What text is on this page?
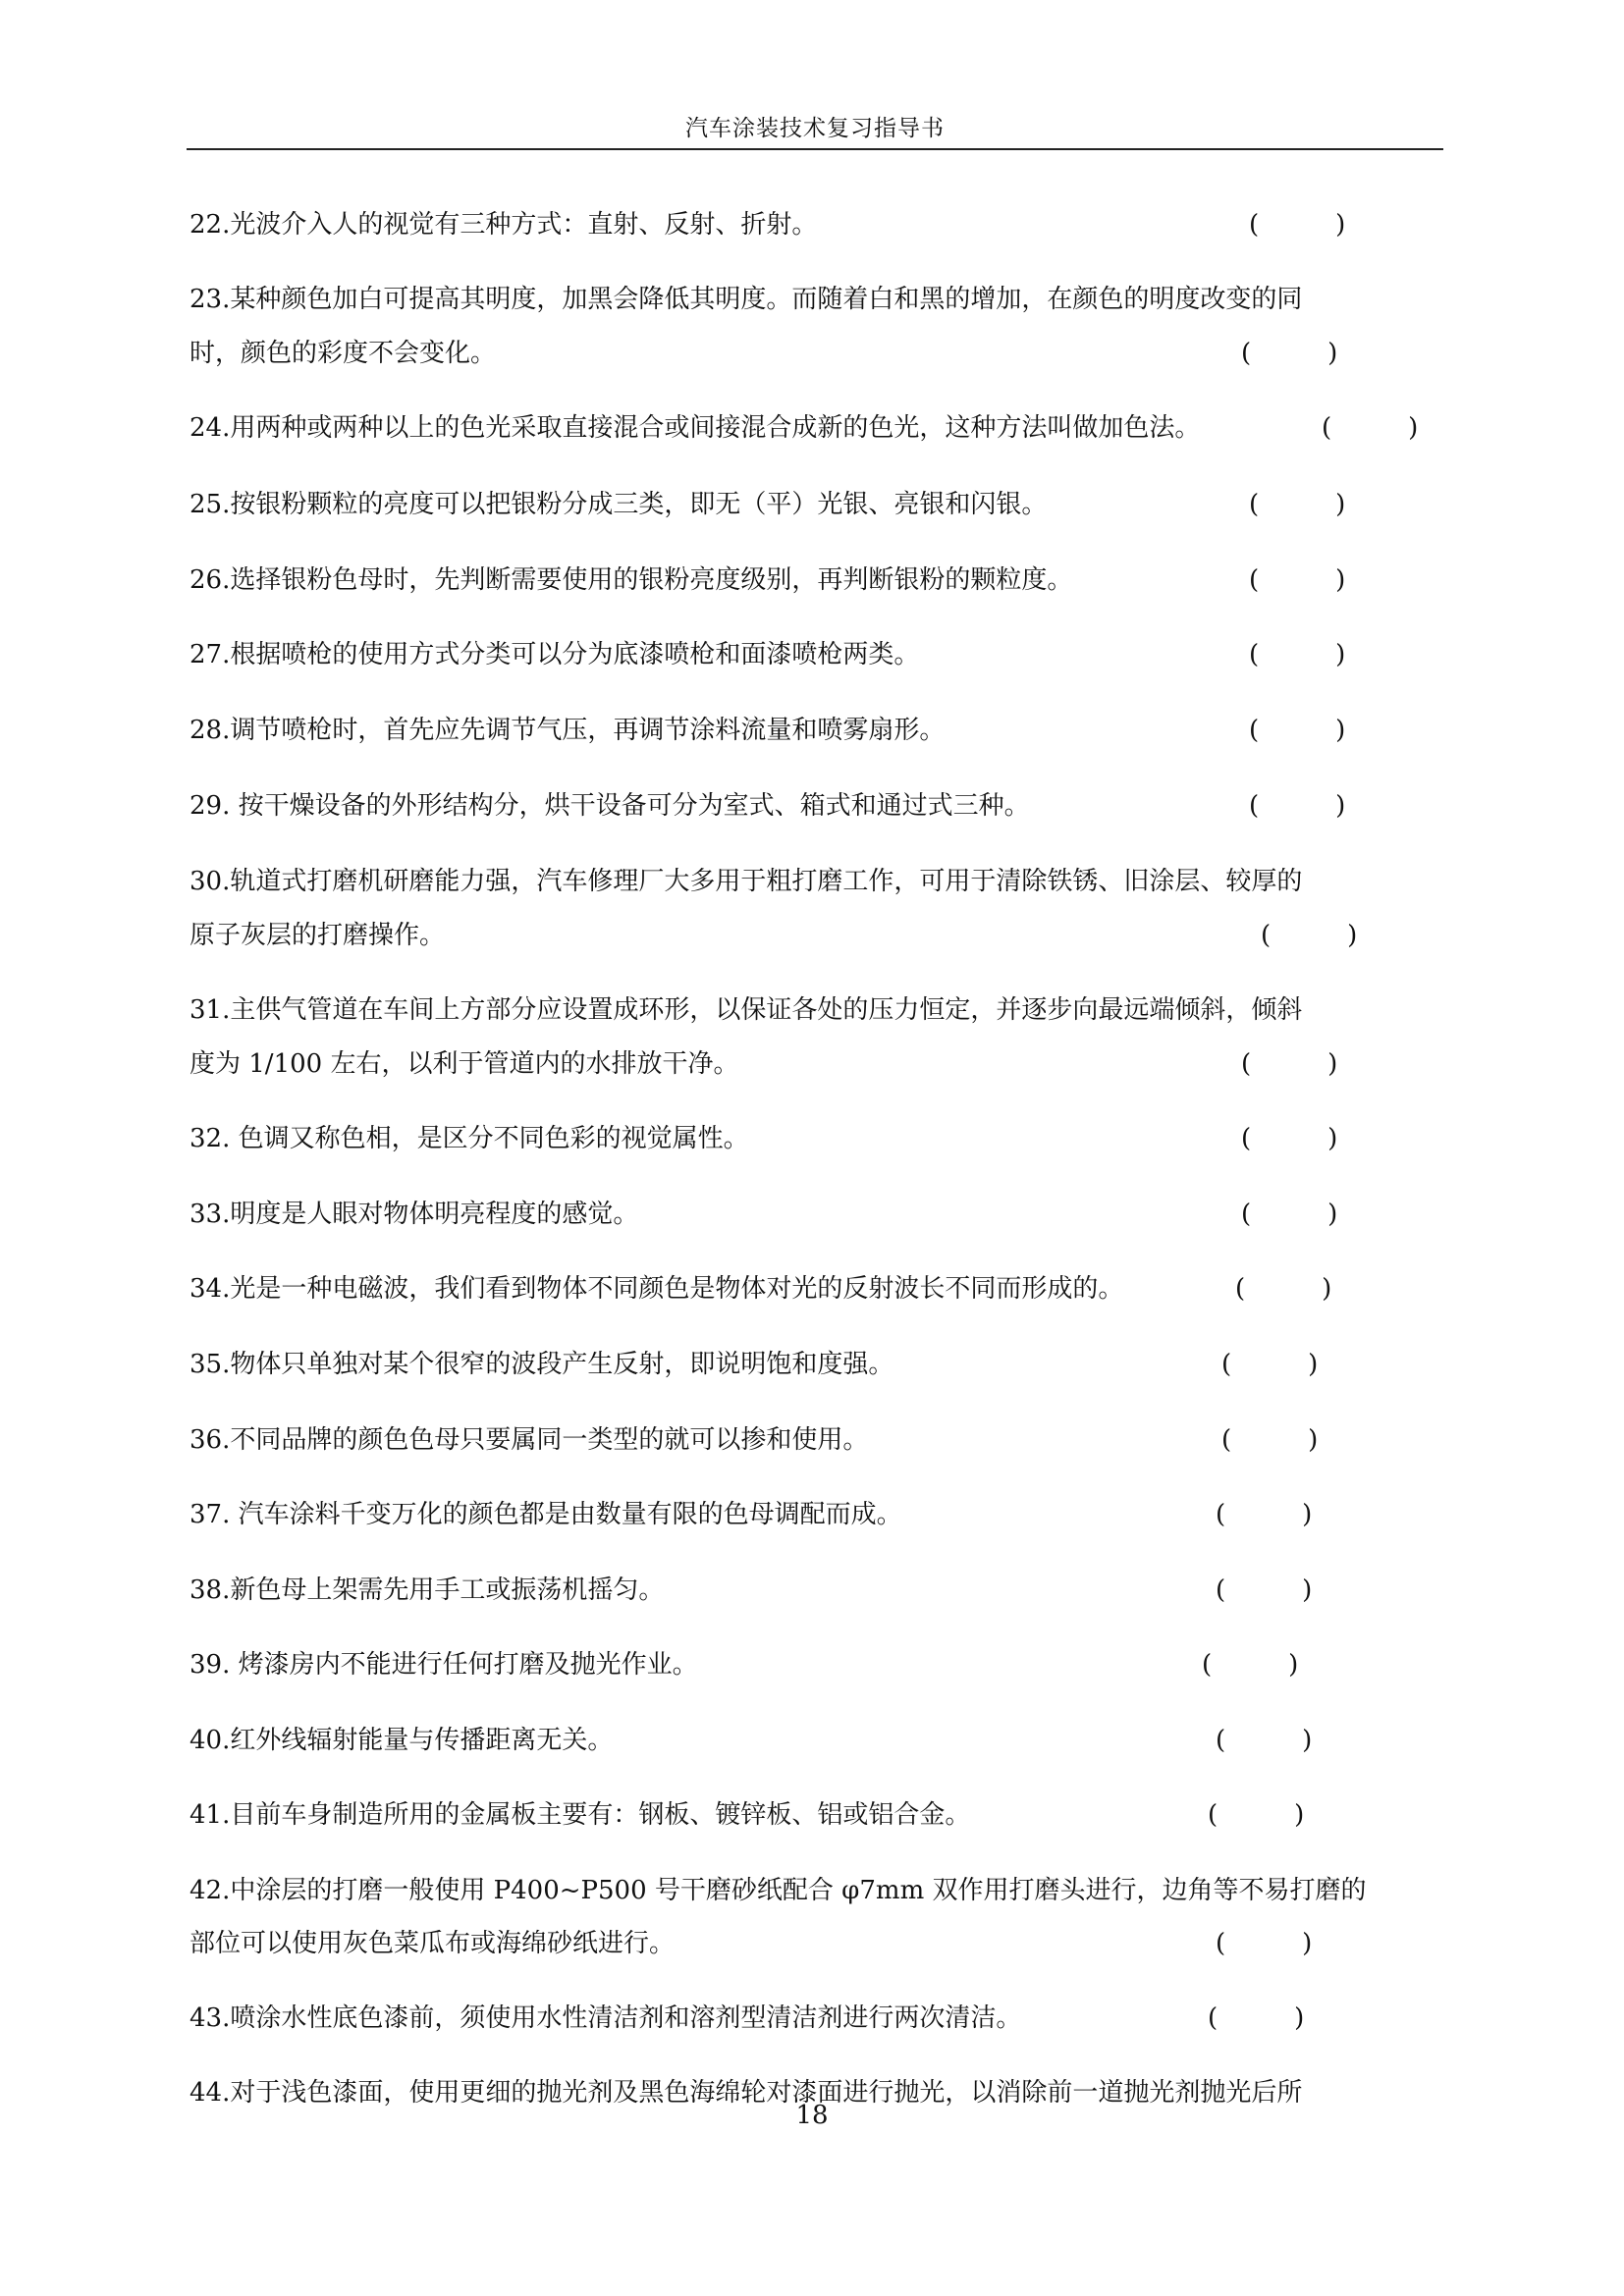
汽车涂装技术复习指导书
22.光波介入人的视觉有三种方式：直射、反射、折射。	(　　　)
23.某种颜色加白可提高其明度，加黑会降低其明度。而随着白和黑的增加，在颜色的明度改变的同
时，颜色的彩度不会变化。	(　　　)
24.用两种或两种以上的色光采取直接混合或间接混合成新的色光，这种方法叫做加色法。	(　　　)
25.按银粉颗粒的亮度可以把银粉分成三类，即无（平）光银、亮银和闪银。	(　　　)
26.选择银粉色母时，先判断需要使用的银粉亮度级别，再判断银粉的颗粒度。	(　　　)
27.根据喷枪的使用方式分类可以分为底漆喷枪和面漆喷枪两类。	(　　　)
28.调节喷枪时，首先应先调节气压，再调节涂料流量和喷雾扇形。	(　　　)
29. 按干燥设备的外形结构分，烘干设备可分为室式、箱式和通过式三种。	(　　　)
30.轨道式打磨机研磨能力强，汽车修理厂大多用于粗打磨工作，可用于清除铁锈、旧涂层、较厚的
原子灰层的打磨操作。	(　　　)
31.主供气管道在车间上方部分应设置成环形，以保证各处的压力恒定，并逐步向最远端倾斜，倾斜
度为 1/100 左右，以利于管道内的水排放干净。	(　　　)
32. 色调又称色相，是区分不同色彩的视觉属性。	(　　　)
33.明度是人眼对物体明亮程度的感觉。	(　　　)
34.光是一种电磁波，我们看到物体不同颜色是物体对光的反射波长不同而形成的。	(　　　)
35.物体只单独对某个很窄的波段产生反射，即说明饱和度强。	(　　　)
36.不同品牌的颜色色母只要属同一类型的就可以掺和使用。	(　　　)
37. 汽车涂料千变万化的颜色都是由数量有限的色母调配而成。	(　　　)
38.新色母上架需先用手工或振荡机摇匀。	(　　　)
39. 烤漆房内不能进行任何打磨及抛光作业。	(　　　)
40.红外线辐射能量与传播距离无关。	(　　　)
41.目前车身制造所用的金属板主要有：钢板、镀锌板、铝或铝合金。	(　　　)
42.中涂层的打磨一般使用 P400~P500 号干磨砂纸配合 φ7mm 双作用打磨头进行，边角等不易打磨的
部位可以使用灰色菜瓜布或海绵砂纸进行。	(　　　)
43.喷涂水性底色漆前，须使用水性清洁剂和溶剂型清洁剂进行两次清洁。	(　　　)
44.对于浅色漆面，使用更细的抛光剂及黑色海绵轮对漆面进行抛光，以消除前一道抛光剂抛光后所
18
